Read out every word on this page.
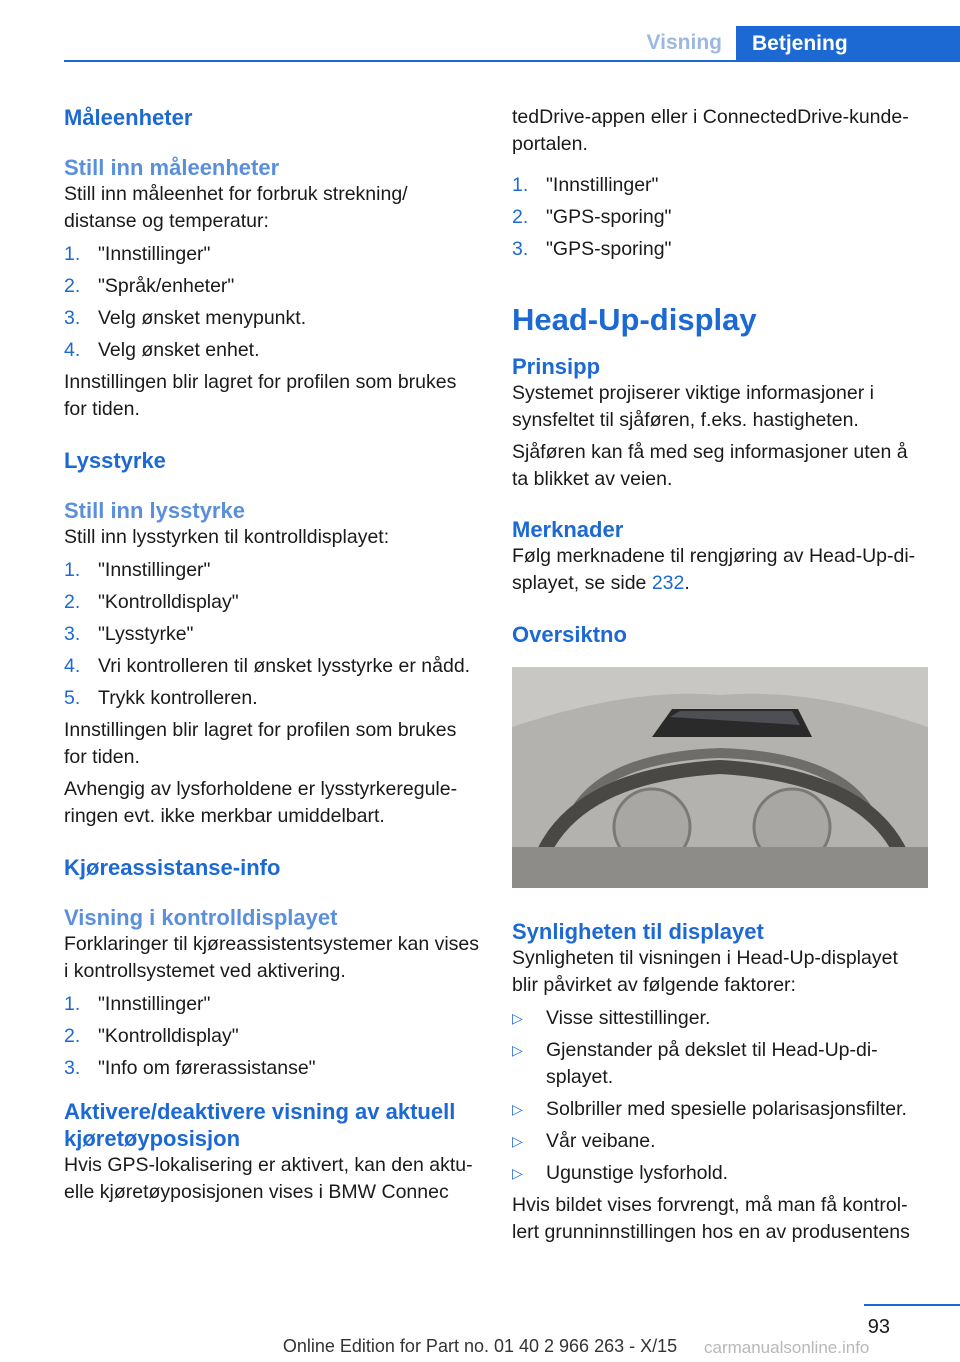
Visning	Betjening
Måleenheter
Still inn måleenheter

Still inn måleenhet for forbruk strekning/ distanse og temperatur:

1. "Innstillinger"
2. "Språk/enheter"
3. Velg ønsket menypunkt.
4. Velg ønsket enhet.

Innstillingen blir lagret for profilen som brukes for tiden.

Lysstyrke
Still inn lysstyrke

Still inn lysstyrken til kontrolldisplayet:

1. "Innstillinger"
2. "Kontrolldisplay"
3. "Lysstyrke"
4. Vri kontrolleren til ønsket lysstyrke er nådd.
5. Trykk kontrolleren.

Innstillingen blir lagret for profilen som brukes for tiden.

Avhengig av lysforholdene er lysstyrkereguleringen evt. ikke merkbar umiddelbart.

Kjøreassistanse-info
Visning i kontrolldisplayet

Forklaringer til kjøreassistentsystemer kan vises i kontrollsystemet ved aktivering.

1. "Innstillinger"
2. "Kontrolldisplay"
3. "Info om førerassistanse"
Aktivere/deaktivere visning av aktuell kjøretøyposisjon

Hvis GPS-lokalisering er aktivert, kan den aktuelle kjøretøyposisjonen vises i BMW Connec

tedDrive-appen eller i ConnectedDrive-kundeportalen.

1. "Innstillinger"
2. "GPS-sporing"
3. "GPS-sporing"
Head-Up-display
Prinsipp

Systemet projiserer viktige informasjoner i synsfeltet til sjåføren, f.eks. hastigheten.

Sjåføren kan få med seg informasjoner uten å ta blikket av veien.

Merknader

Følg merknadene til rengjøring av Head-Up-displayet, se side 232.

Oversiktno
Synligheten til displayet

Synligheten til visningen i Head-Up-displayet blir påvirket av følgende faktorer:

▷ Visse sittestillinger.
▷ Gjenstander på dekslet til Head-Up-displayet.
▷ Solbriller med spesielle polarisasjonsfilter.
▷ Vår veibane.
▷ Ugunstige lysforhold.

Hvis bildet vises forvrengt, må man få kontrollert grunninnstillingen hos en av produsentens

93
Online Edition for Part no. 01 40 2 966 263 - X/15	carmanualsonline.info
